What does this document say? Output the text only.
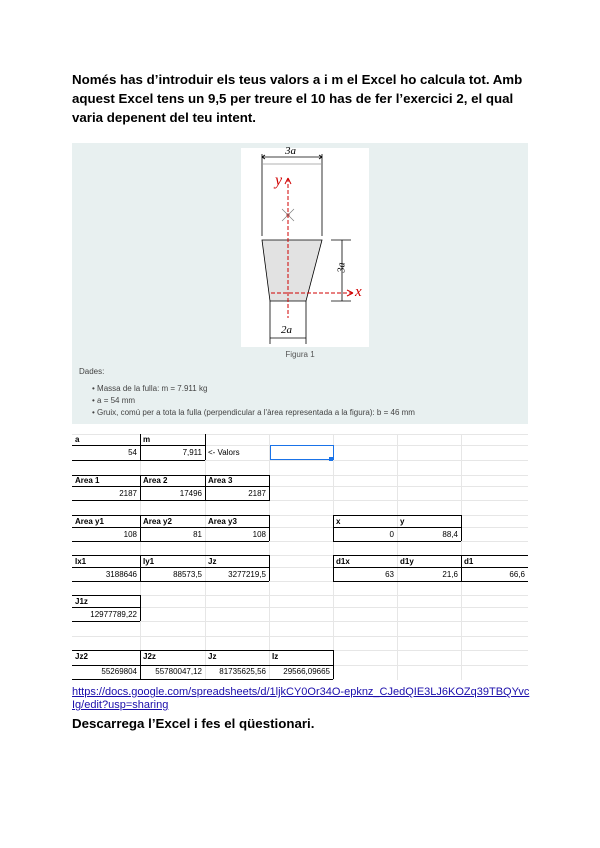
Només has d’introduir els teus valors a i m el Excel ho calcula tot. Amb aquest Excel tens un 9,5 per treure el 10 has de fer l’exercici 2, el qual varia depenent del teu intent.
3a
3a
2a
y
x
Figura 1
Dades:
• Massa de la fulla: m = 7.911 kg
• a = 54 mm
• Gruix, comú per a tota la fulla (perpendicular a l'àrea representada a la figura): b = 46 mm
a	m
54	7,911 <- Valors
Area 1	Area 2	Area 3
2187	17496	2187
Area y1	Area y2	Area y3
108	81	108
x	y
0	88,4
Ix1	Iy1	Jz
3188646	88573,5	3277219,5
d1x	d1y	d1
63	21,6	66,6
J1z
12977789,22
Jz2	J2z	Jz	Iz
55269804	55780047,12	81735625,56	29566,09665
https://docs.google.com/spreadsheets/d/1ljkCY0Or34O-epknz_CJedQIE3LJ6KOZq39TBQYvcIg/edit?usp=sharing
Descarrega l’Excel i fes el qüestionari.
